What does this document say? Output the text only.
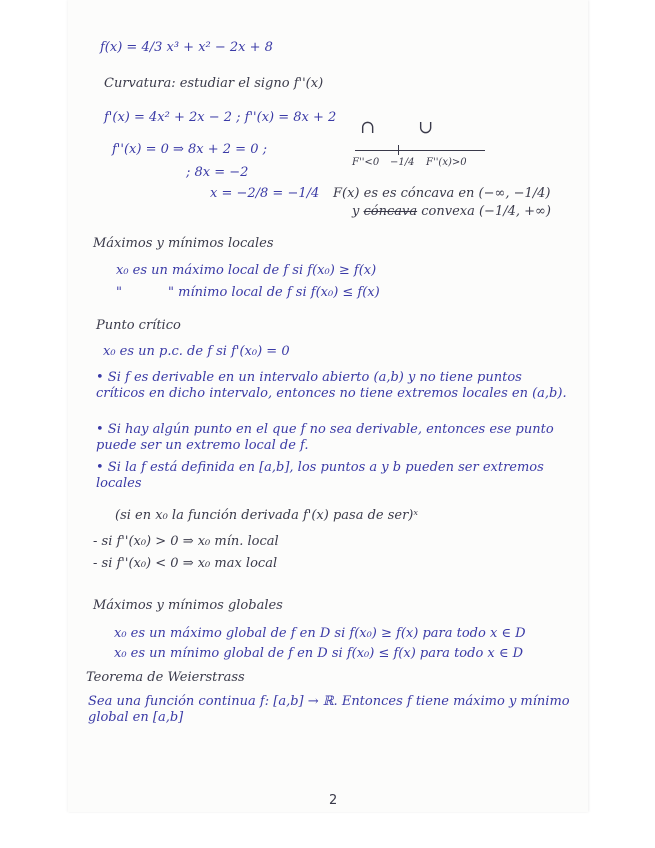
f(x) = 4/3 x³ + x² − 2x + 8
Curvatura: estudiar el signo f''(x)
f'(x) = 4x² + 2x − 2 ; f''(x) = 8x + 2
f''(x) = 0 ⇒ 8x + 2 = 0 ;
; 8x = −2
x = −2/8 = −1/4
∩ ∪
F''<0 −1/4 F''(x)>0
F(x) es es cóncava en (−∞, −1/4)
y cóncava convexa (−1/4, +∞)
Máximos y mínimos locales
x₀ es un máximo local de f si f(x₀) ≥ f(x)
"	" mínimo local de f si f(x₀) ≤ f(x)
Punto crítico
x₀ es un p.c. de f si f'(x₀) = 0
• Si f es derivable en un intervalo abierto (a,b) y no tiene puntos críticos en dicho intervalo, entonces no tiene extremos locales en (a,b).
• Si hay algún punto en el que f no sea derivable, entonces ese punto puede ser un extremo local de f.
• Si la f está definida en [a,b], los puntos a y b pueden ser extremos locales
(si en x₀ la función derivada f'(x) pasa de ser)ˣ
- si f''(x₀) > 0 ⇒ x₀ mín. local
- si f''(x₀) < 0 ⇒ x₀ max local
Máximos y mínimos globales
x₀ es un máximo global de f en D si f(x₀) ≥ f(x) para todo x ∈ D
x₀ es un mínimo global de f en D si f(x₀) ≤ f(x) para todo x ∈ D
Teorema de Weierstrass
Sea una función continua f: [a,b] → ℝ. Entonces f tiene máximo y mínimo global en [a,b]
2
